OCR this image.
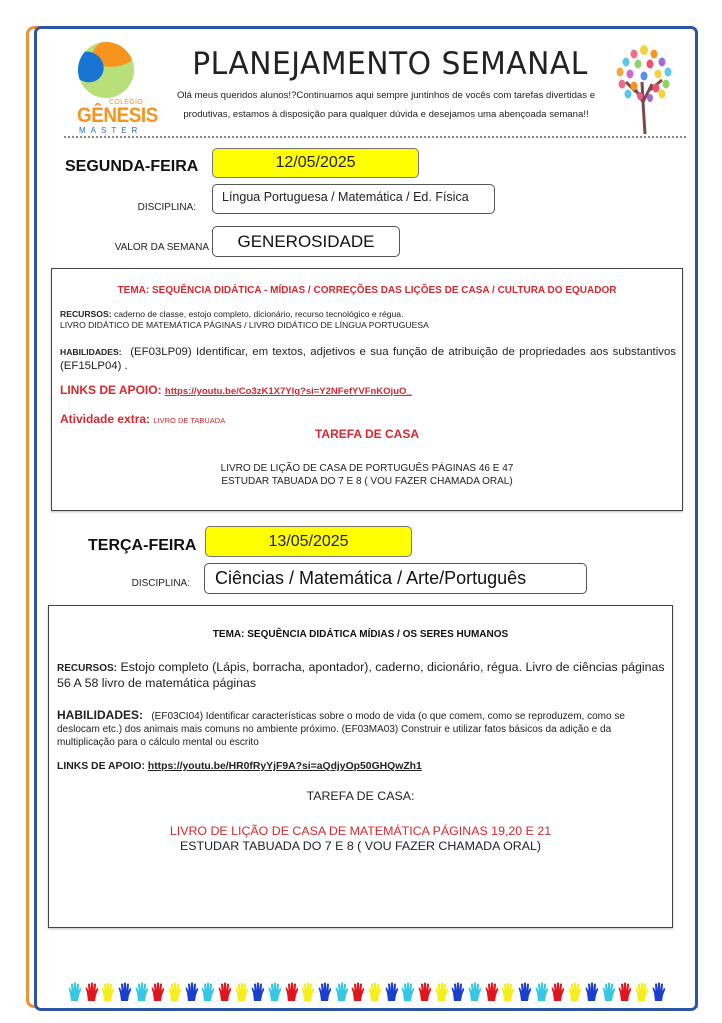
COLÉGIO
GÊNESIS
MASTER
PLANEJAMENTO SEMANAL
Olá meus queridos alunos!?Continuamos aqui sempre juntinhos de vocês com tarefas divertidas e produtivas, estamos à disposição para qualquer dúvida e desejamos uma abençoada semana!!
SEGUNDA-FEIRA	12/05/2025
DISCIPLINA:
Língua Portuguesa / Matemática / Ed. Física
VALOR DA SEMANA	GENEROSIDADE
TEMA: SEQUÊNCIA DIDÁTICA - MÍDIAS / CORREÇÕES DAS LIÇÕES DE CASA / CULTURA DO EQUADOR
RECURSOS: caderno de classe, estojo completo, dicionário, recurso tecnológico e régua.
LIVRO DIDÁTICO DE MATEMÁTICA PÁGINAS / LIVRO DIDÁTICO DE LÍNGUA PORTUGUESA
HABILIDADES: (EF03LP09) Identificar, em textos, adjetivos e sua função de atribuição de propriedades aos substantivos (EF15LP04) .
LINKS DE APOIO: https://youtu.be/Co3zK1X7Ylg?si=Y2NFefYVFnKOjuO_
Atividade extra: LIVRO DE TABUADA
TAREFA DE CASA
LIVRO DE LIÇÃO DE CASA DE PORTUGUÊS PÁGINAS 46 E 47
ESTUDAR TABUADA DO 7 E 8 ( VOU FAZER CHAMADA ORAL)
TERÇA-FEIRA	13/05/2025
DISCIPLINA:	Ciências / Matemática / Arte/Português
TEMA: SEQUÊNCIA DIDÁTICA MÍDIAS / OS SERES HUMANOS
RECURSOS: Estojo completo (Lápis, borracha, apontador), caderno, dicionário, régua. Livro de ciências páginas 56 A 58 livro de matemática páginas
HABILIDADES: (EF03CI04) Identificar características sobre o modo de vida (o que comem, como se reproduzem, como se deslocam etc.) dos animais mais comuns no ambiente próximo. (EF03MA03) Construir e utilizar fatos básicos da adição e da multiplicação para o cálculo mental ou escrito
LINKS DE APOIO: https://youtu.be/HR0fRyYjF9A?si=aQdjyOp50GHQwZh1
TAREFA DE CASA:
LIVRO DE LIÇÃO DE CASA DE MATEMÁTICA PÁGINAS 19,20 E 21
ESTUDAR TABUADA DO 7 E 8 ( VOU FAZER CHAMADA ORAL)
